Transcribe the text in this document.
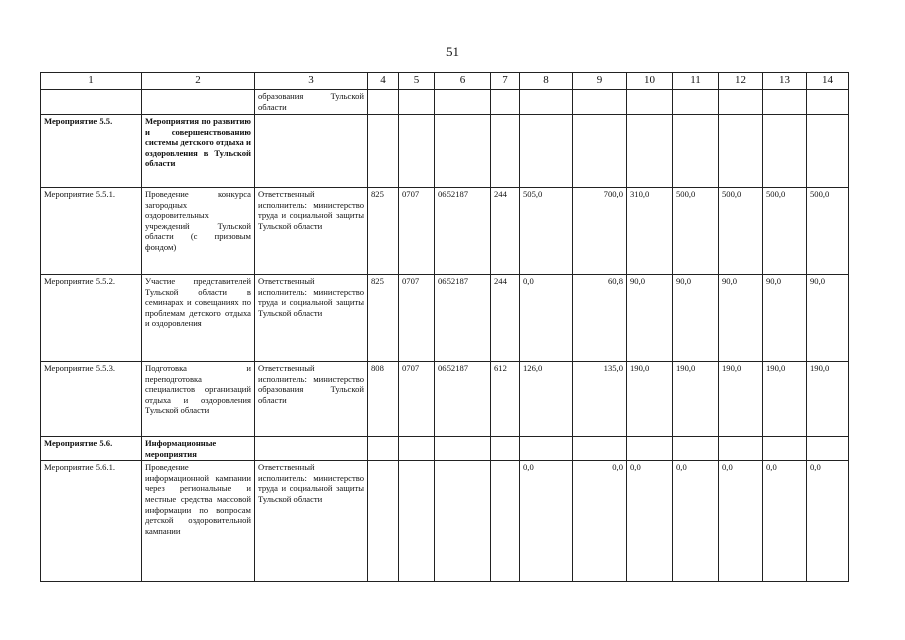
51
1	2	3	4	5	6	7	8	9	10	11	12	13	14
		образования Тульской области											
Мероприятие 5.5.	Мероприятия по развитию и совершенствованию системы детского отдыха и оздоровления в Тульской области												
Мероприятие 5.5.1.	Проведение конкурса загородных оздоровительных учреждений Тульской области (с призовым фондом)	Ответственный исполнитель: министерство труда и социальной защиты Тульской области	825	0707	0652187	244	505,0	700,0	310,0	500,0	500,0	500,0	500,0
Мероприятие 5.5.2.	Участие представителей Тульской области в семинарах и совещаниях по проблемам детского отдыха и оздоровления	Ответственный исполнитель: министерство труда и социальной защиты Тульской области	825	0707	0652187	244	0,0	60,8	90,0	90,0	90,0	90,0	90,0
Мероприятие 5.5.3.	Подготовка и переподготовка специалистов организаций отдыха и оздоровления Тульской области	Ответственный исполнитель: министерство образования Тульской области	808	0707	0652187	612	126,0	135,0	190,0	190,0	190,0	190,0	190,0
Мероприятие 5.6.	Информационные мероприятия												
Мероприятие 5.6.1.	Проведение информационной кампании через региональные и местные средства массовой информации по вопросам детской оздоровительной кампании	Ответственный исполнитель: министерство труда и социальной защиты Тульской области					0,0	0,0	0,0	0,0	0,0	0,0	0,0
